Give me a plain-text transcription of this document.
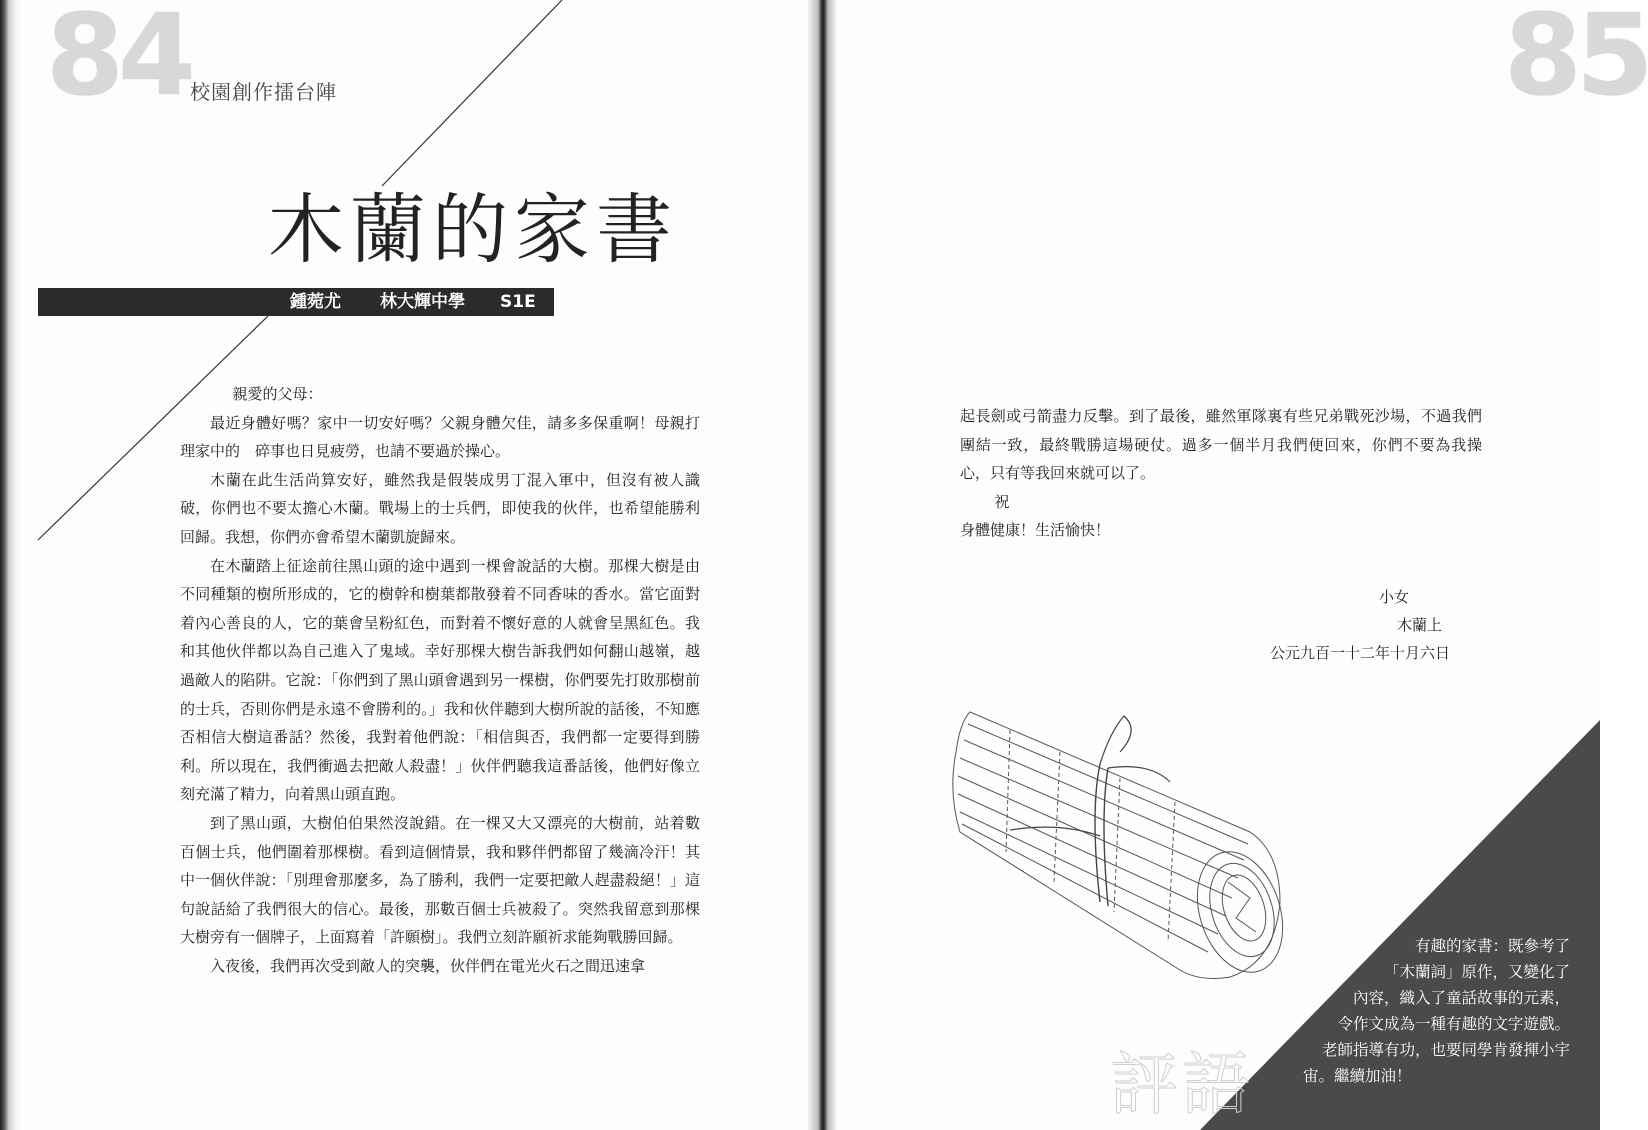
84 校園創作擂台陣
木蘭的家書
鍾菀尤 林大輝中學 S1E

親愛的父母：

最近身體好嗎？家中一切安好嗎？父親身體欠佳，請多多保重啊！母親打理家中的　碎事也日見疲勞，也請不要過於操心。

木蘭在此生活尚算安好，雖然我是假裝成男丁混入軍中，但沒有被人識破，你們也不要太擔心木蘭。戰場上的士兵們，即使我的伙伴，也希望能勝利回歸。我想，你們亦會希望木蘭凱旋歸來。

在木蘭踏上征途前往黑山頭的途中遇到一棵會說話的大樹。那棵大樹是由不同種類的樹所形成的，它的樹幹和樹葉都散發着不同香味的香水。當它面對着內心善良的人，它的葉會呈粉紅色，而對着不懷好意的人就會呈黑紅色。我和其他伙伴都以為自己進入了鬼域。幸好那棵大樹告訴我們如何翻山越嶺，越過敵人的陷阱。它說：「你們到了黑山頭會遇到另一棵樹，你們要先打敗那樹前的士兵，否則你們是永遠不會勝利的。」我和伙伴聽到大樹所說的話後，不知應否相信大樹這番話？然後，我對着他們說：「相信與否，我們都一定要得到勝利。所以現在，我們衝過去把敵人殺盡！」伙伴們聽我這番話後，他們好像立刻充滿了精力，向着黑山頭直跑。

到了黑山頭，大樹伯伯果然沒說錯。在一棵又大又漂亮的大樹前，站着數百個士兵，他們圍着那棵樹。看到這個情景，我和夥伴們都留了幾滴冷汗！其中一個伙伴說：「別理會那麼多，為了勝利，我們一定要把敵人趕盡殺絕！」這句說話給了我們很大的信心。最後，那數百個士兵被殺了。突然我留意到那棵大樹旁有一個牌子，上面寫着「許願樹」。我們立刻許願祈求能夠戰勝回歸。

入夜後，我們再次受到敵人的突襲，伙伴們在電光火石之間迅速拿

85

起長劍或弓箭盡力反擊。到了最後，雖然軍隊裏有些兄弟戰死沙場，不過我們團結一致，最終戰勝這場硬仗。過多一個半月我們便回來，你們不要為我操心，只有等我回來就可以了。

祝

身體健康！生活愉快！

小女
木蘭上
公元九百一十二年十月六日
評語
有趣的家書：既參考了
「木蘭詞」原作，又變化了
內容，織入了童話故事的元素，
令作文成為一種有趣的文字遊戲。
老師指導有功，也要同學肯發揮小宇
宙。繼續加油！
